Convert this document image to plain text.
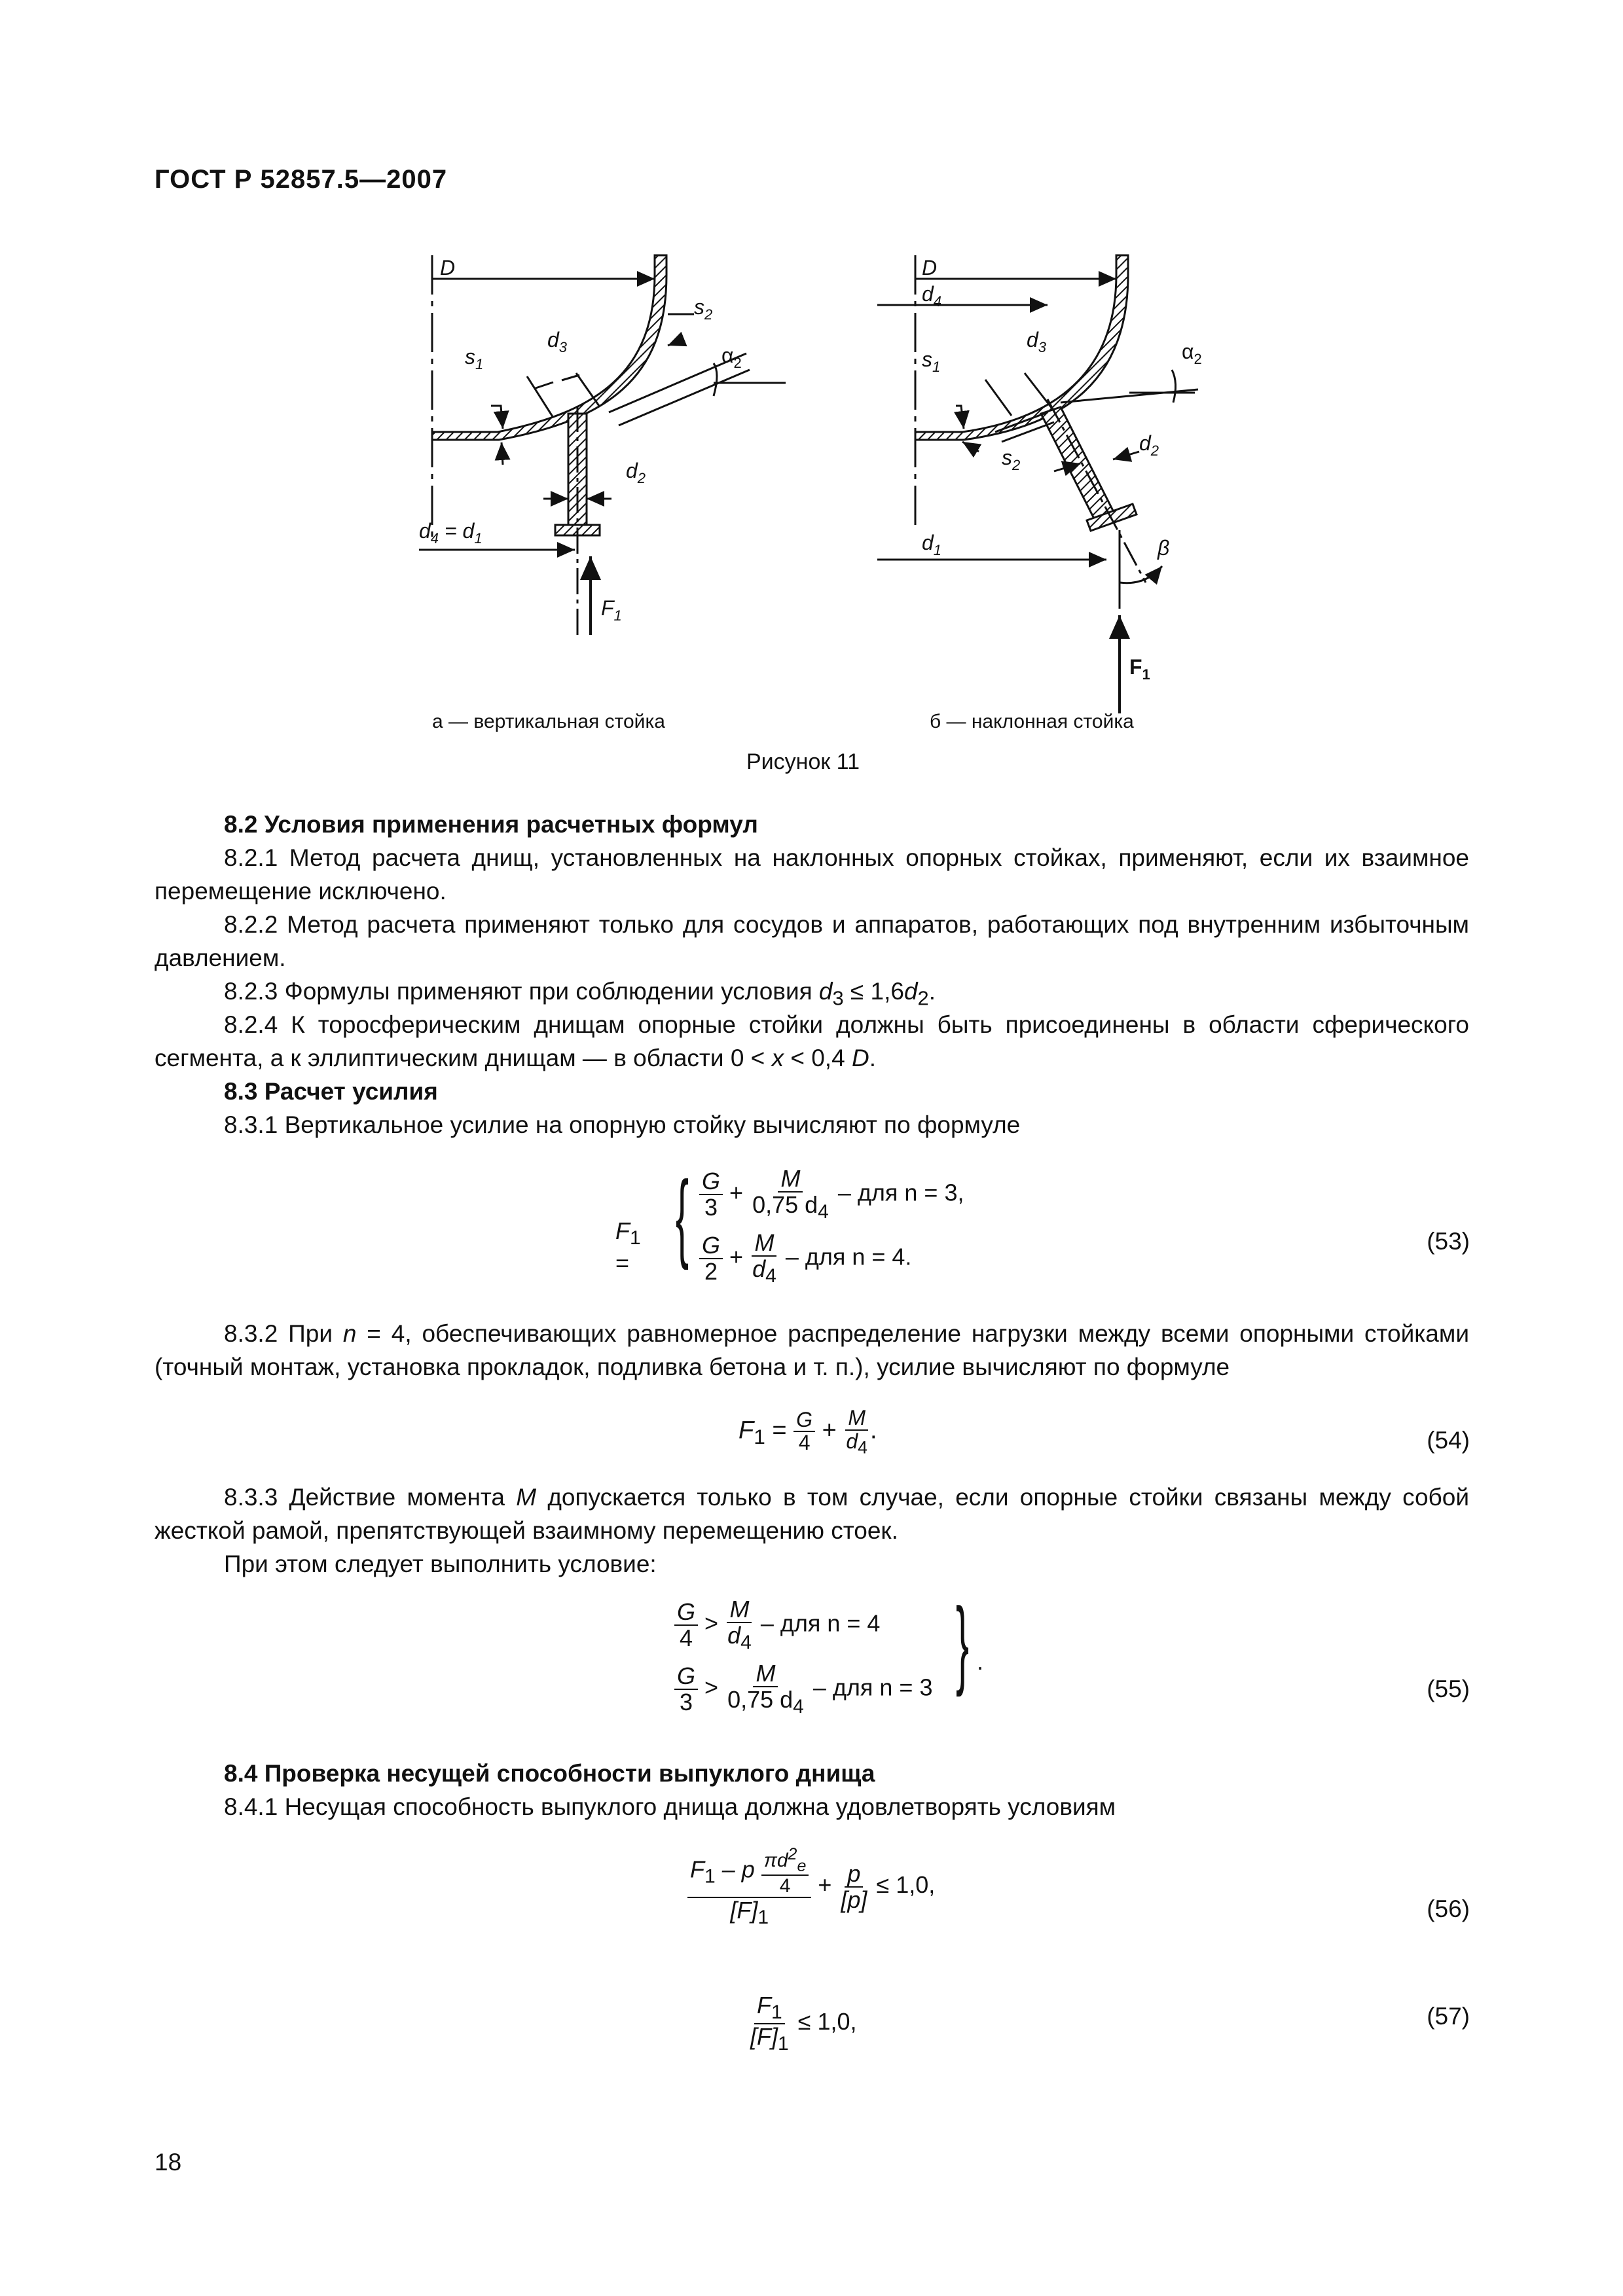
ГОСТ Р 52857.5—2007
D
$s_2$
$d_3$
$s_1$	$\alpha_2$
$d_2$
$d_4 = d_1$
$F_1$
D
$d_4$
$d_3$	$\alpha_2$
$s_1$
$s_2$
$d_2$
$d_1$	β
$F_1$
а — вертикальная стойка	б — наклонная стойка
Рисунок 11

8.2 Условия применения расчетных формул

8.2.1 Метод расчета днищ, установленных на наклонных опорных стойках, применяют, если их взаимное перемещение исключено.

8.2.2 Метод расчета применяют только для сосудов и аппаратов, работающих под внутренним избыточным давлением.

8.2.3 Формулы применяют при соблюдении условия $d_3 \le 1,6d_2$.

8.2.4 К торосферическим днищам опорные стойки должны быть присоединены в области сферического сегмента, а к эллиптическим днищам — в области 0 < x < 0,4 D.

8.3 Расчет усилия

8.3.1 Вертикальное усилие на опорную стойку вычисляют по формуле

$F_1$ = { $\frac{G}{3} + \frac{M}{0,75 d_4}$ – для n = 3,
$\frac{G}{2} + \frac{M}{d_4}$ – для n = 4.
(53)

8.3.2 При n = 4, обеспечивающих равномерное распределение нагрузки между всеми опорными стойками (точный монтаж, установка прокладок, подливка бетона и т. п.), усилие вычисляют по формуле

$F_1 = \frac{G}{4} + \frac{M}{d_4}$ .	(54)

8.3.3 Действие момента M допускается только в том случае, если опорные стойки связаны между собой жесткой рамой, препятствующей взаимному перемещению стоек.

При этом следует выполнить условие:

$\frac{G}{4} > \frac{M}{d_4}$ – для n = 4
$\frac{G}{3} > \frac{M}{0,75 d_4}$ – для n = 3 } .
(55)

8.4 Проверка несущей способности выпуклого днища

8.4.1 Несущая способность выпуклого днища должна удовлетворять условиям

$\frac{F_1 - p \frac{\pi d^2_e}{4}}{[F]_1} + \frac{p}{[p]} \le 1,0$,
(56)
$\frac{F_1}{[F]_1} \le 1,0$,	(57)
18
